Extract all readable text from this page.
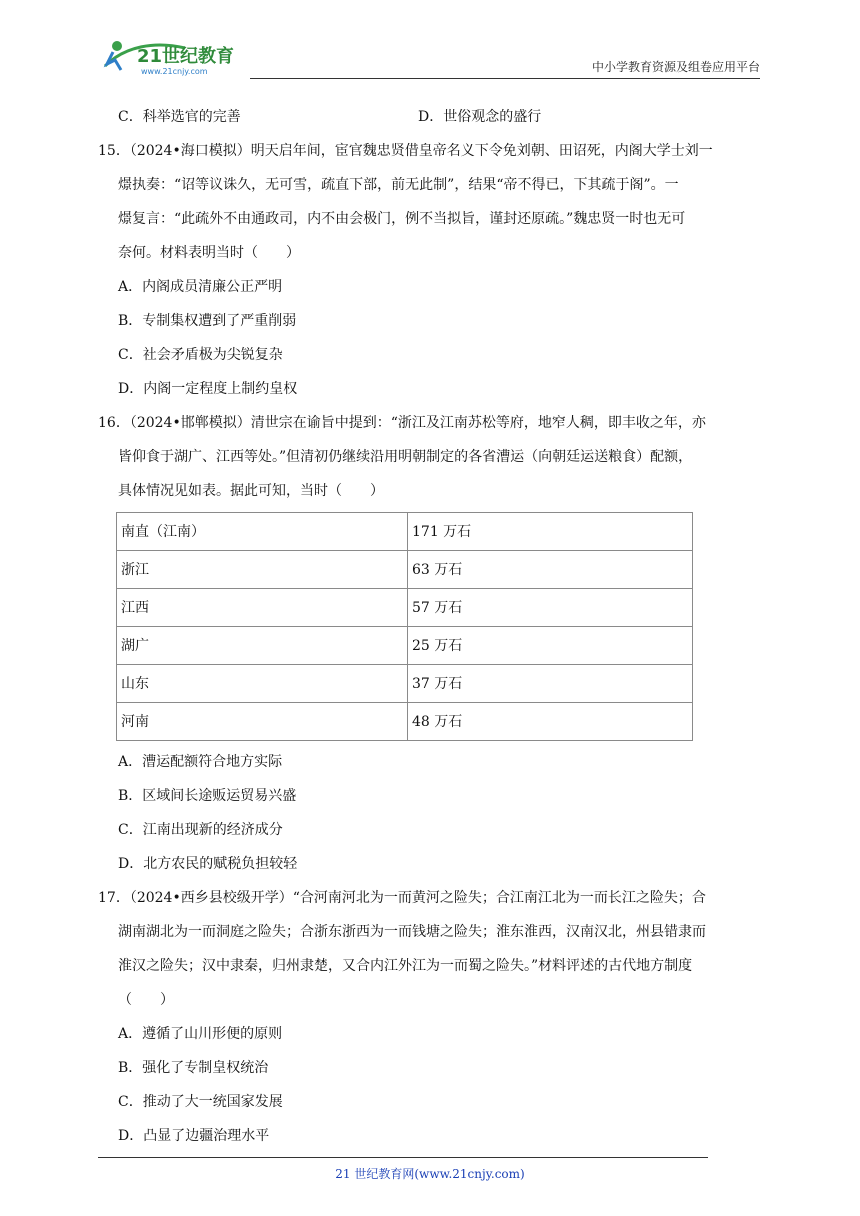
21世纪教育
www.21cnjy.com	中小学教育资源及组卷应用平台
C．科举选官的完善	D．世俗观念的盛行
15．（2024•海口模拟）明天启年间，宦官魏忠贤借皇帝名义下令免刘朝、田诏死，内阁大学士刘一
燝执奏：“诏等议诛久，无可雪，疏直下部，前无此制”，结果“帝不得已，下其疏于阁”。一
燝复言：“此疏外不由通政司，内不由会极门，例不当拟旨，谨封还原疏。”魏忠贤一时也无可
奈何。材料表明当时（　　）
A．内阁成员清廉公正严明
B．专制集权遭到了严重削弱
C．社会矛盾极为尖锐复杂
D．内阁一定程度上制约皇权
16．（2024•邯郸模拟）清世宗在谕旨中提到：“浙江及江南苏松等府，地窄人稠，即丰收之年，亦
皆仰食于湖广、江西等处。”但清初仍继续沿用明朝制定的各省漕运（向朝廷运送粮食）配额，
具体情况见如表。据此可知，当时（　　）
南直（江南）	171 万石
浙江	63 万石
江西	57 万石
湖广	25 万石
山东	37 万石
河南	48 万石
A．漕运配额符合地方实际
B．区域间长途贩运贸易兴盛
C．江南出现新的经济成分
D．北方农民的赋税负担较轻
17．（2024•西乡县校级开学）“合河南河北为一而黄河之险失；合江南江北为一而长江之险失；合
湖南湖北为一而洞庭之险失；合浙东浙西为一而钱塘之险失；淮东淮西，汉南汉北，州县错隶而
淮汉之险失；汉中隶秦，归州隶楚，又合内江外江为一而蜀之险失。”材料评述的古代地方制度
（　　）
A．遵循了山川形便的原则
B．强化了专制皇权统治
C．推动了大一统国家发展
D．凸显了边疆治理水平
21 世纪教育网(www.21cnjy.com)
